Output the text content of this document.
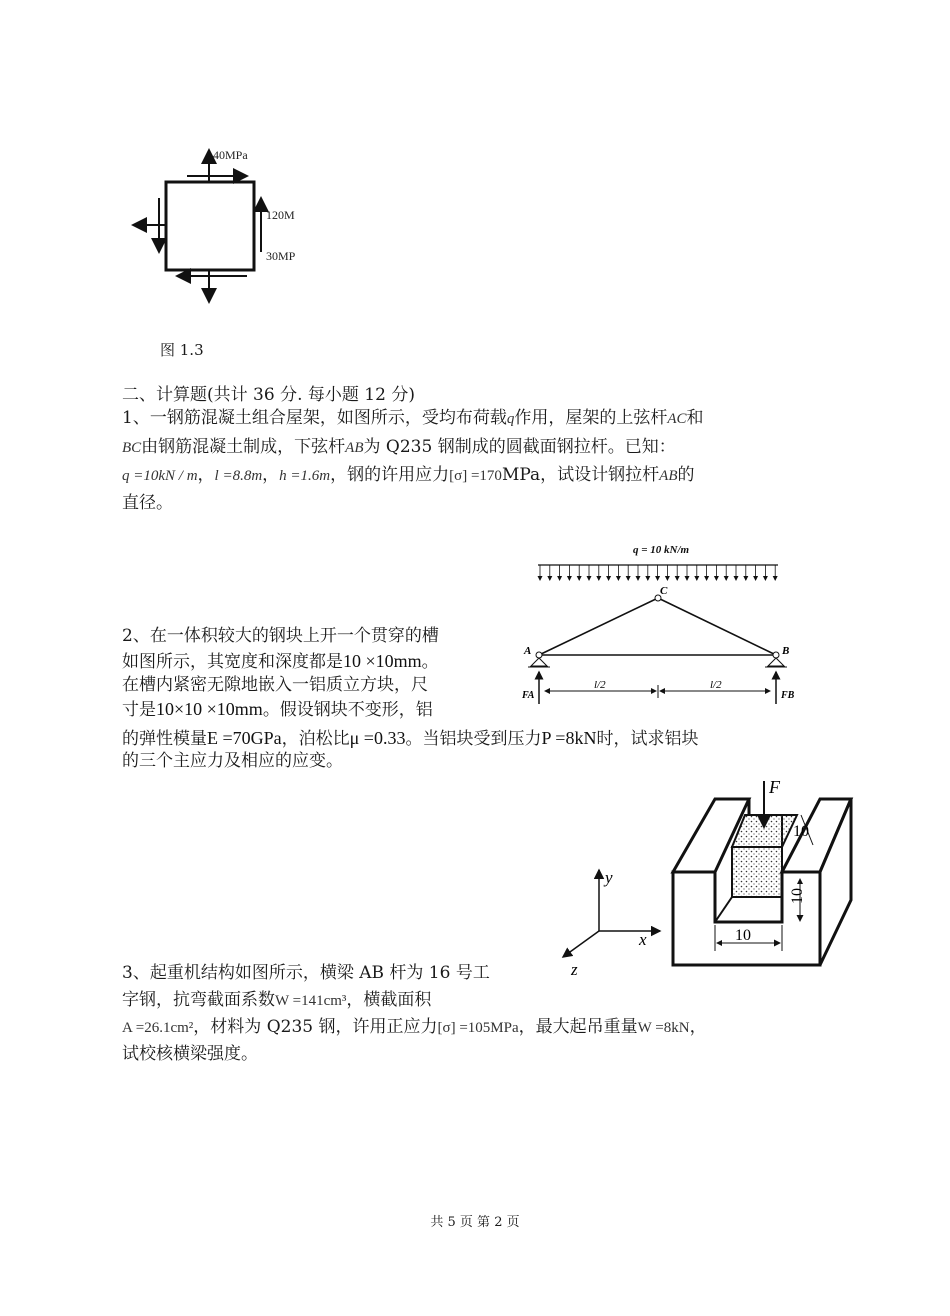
40MPa
120M
30MP
图 1.3
二、计算题(共计 36 分. 每小题 12 分)
1、一钢筋混凝土组合屋架，如图所示，受均布荷载q作用，屋架的上弦杆AC和
BC由钢筋混凝土制成，下弦杆AB为 Q235 钢制成的圆截面钢拉杆。已知：
q =10kN / m，l =8.8m，h =1.6m，钢的许用应力[σ] =170MPa，试设计钢拉杆AB的
直径。
q = 10 kN/m
C
A	B
FA	FB
l/2	l/2
2、在一体积较大的钢块上开一个贯穿的槽
如图所示，其宽度和深度都是10 ×10mm。
在槽内紧密无隙地嵌入一铝质立方块，尺
寸是10×10 ×10mm。假设钢块不变形，铝
的弹性模量E =70GPa，泊松比μ =0.33。当铝块受到压力P =8kN时，试求铝块
的三个主应力及相应的应变。
y
x
z
F
10
10
10
3、起重机结构如图所示，横梁 AB 杆为 16 号工
字钢，抗弯截面系数W =141cm³，横截面积
A =26.1cm²，材料为 Q235 钢，许用正应力[σ] =105MPa，最大起吊重量W =8kN，
试校核横梁强度。
共 5 页 第 2 页
